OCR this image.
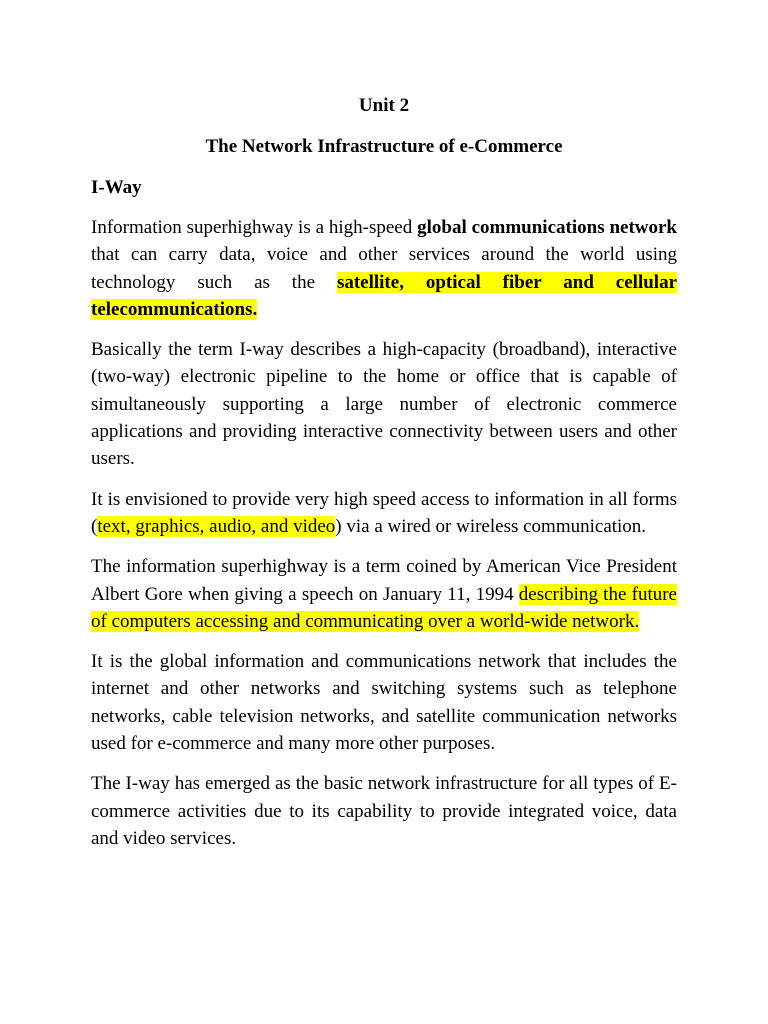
Unit 2
The Network Infrastructure of e-Commerce
I-Way

Information superhighway is a high-speed global communications network that can carry data, voice and other services around the world using technology such as the satellite, optical fiber and cellular telecommunications.

Basically the term I-way describes a high-capacity (broadband), interactive (two-way) electronic pipeline to the home or office that is capable of simultaneously supporting a large number of electronic commerce applications and providing interactive connectivity between users and other users.

It is envisioned to provide very high speed access to information in all forms (text, graphics, audio, and video) via a wired or wireless communication.

The information superhighway is a term coined by American Vice President Albert Gore when giving a speech on January 11, 1994 describing the future of computers accessing and communicating over a world-wide network.

It is the global information and communications network that includes the internet and other networks and switching systems such as telephone networks, cable television networks, and satellite communication networks used for e-commerce and many more other purposes.

The I-way has emerged as the basic network infrastructure for all types of E-commerce activities due to its capability to provide integrated voice, data and video services.
